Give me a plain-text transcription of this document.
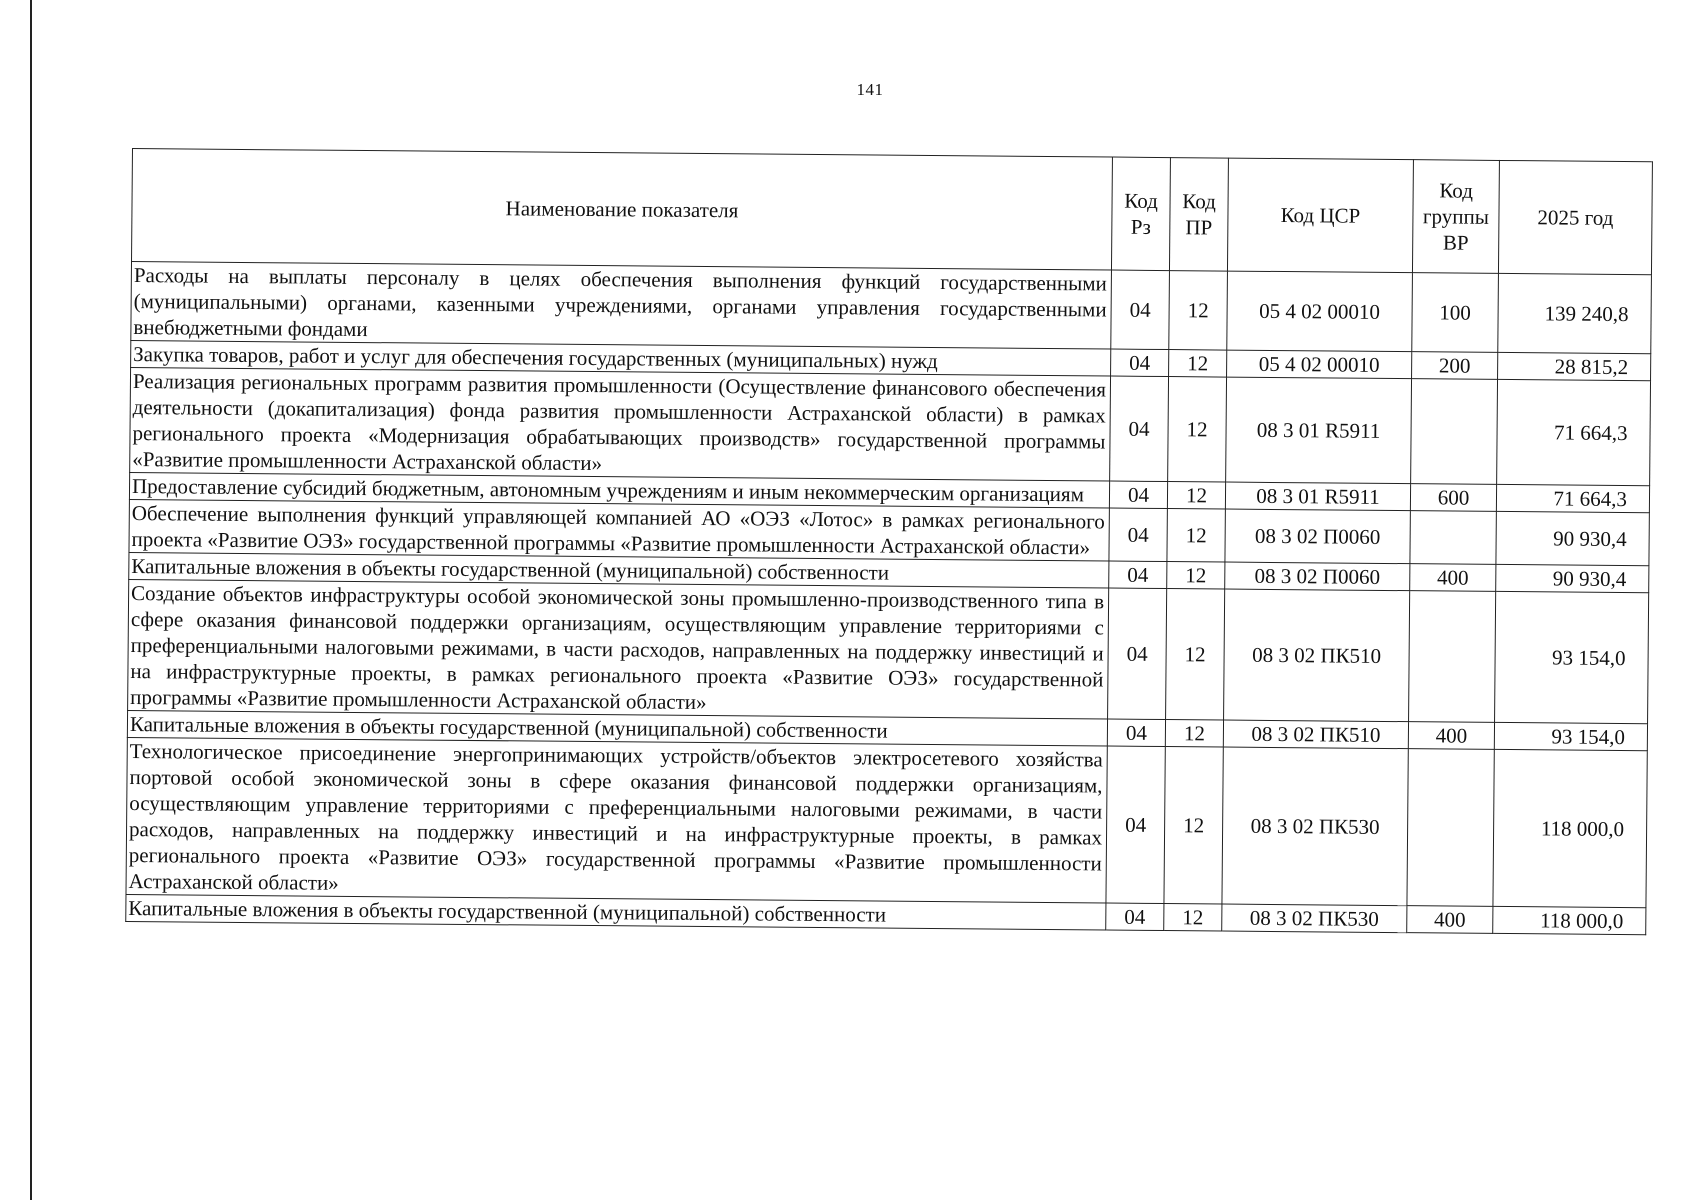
141
Наименование показателя	Код Рз	Код ПР	Код ЦСР	Код группы ВР	2025 год
Расходы на выплаты персоналу в целях обеспечения выполнения функций государственными (муниципальными) органами, казенными учреждениями, органами управления государственными внебюджетными фондами	04	12	05 4 02 00010	100	139 240,8
Закупка товаров, работ и услуг для обеспечения государственных (муниципальных) нужд	04	12	05 4 02 00010	200	28 815,2
Реализация региональных программ развития промышленности (Осуществление финансового обеспечения деятельности (докапитализация) фонда развития промышленности Астраханской области) в рамках регионального проекта «Модернизация обрабатывающих производств» государственной программы «Развитие промышленности Астраханской области»	04	12	08 3 01 R5911		71 664,3
Предоставление субсидий бюджетным, автономным учреждениям и иным некоммерческим организациям	04	12	08 3 01 R5911	600	71 664,3
Обеспечение выполнения функций управляющей компанией АО «ОЭЗ «Лотос» в рамках регионального проекта «Развитие ОЭЗ» государственной программы «Развитие промышленности Астраханской области»	04	12	08 3 02 П0060		90 930,4
Капитальные вложения в объекты государственной (муниципальной) собственности	04	12	08 3 02 П0060	400	90 930,4
Создание объектов инфраструктуры особой экономической зоны промышленно-производственного типа в сфере оказания финансовой поддержки организациям, осуществляющим управление территориями с преференциальными налоговыми режимами, в части расходов, направленных на поддержку инвестиций и на инфраструктурные проекты, в рамках регионального проекта «Развитие ОЭЗ» государственной программы «Развитие промышленности Астраханской области»	04	12	08 3 02 ПК510		93 154,0
Капитальные вложения в объекты государственной (муниципальной) собственности	04	12	08 3 02 ПК510	400	93 154,0
Технологическое присоединение энергопринимающих устройств/объектов электросетевого хозяйства портовой особой экономической зоны в сфере оказания финансовой поддержки организациям, осуществляющим управление территориями с преференциальными налоговыми режимами, в части расходов, направленных на поддержку инвестиций и на инфраструктурные проекты, в рамках регионального проекта «Развитие ОЭЗ» государственной программы «Развитие промышленности Астраханской области»	04	12	08 3 02 ПК530		118 000,0
Капитальные вложения в объекты государственной (муниципальной) собственности	04	12	08 3 02 ПК530	400	118 000,0
